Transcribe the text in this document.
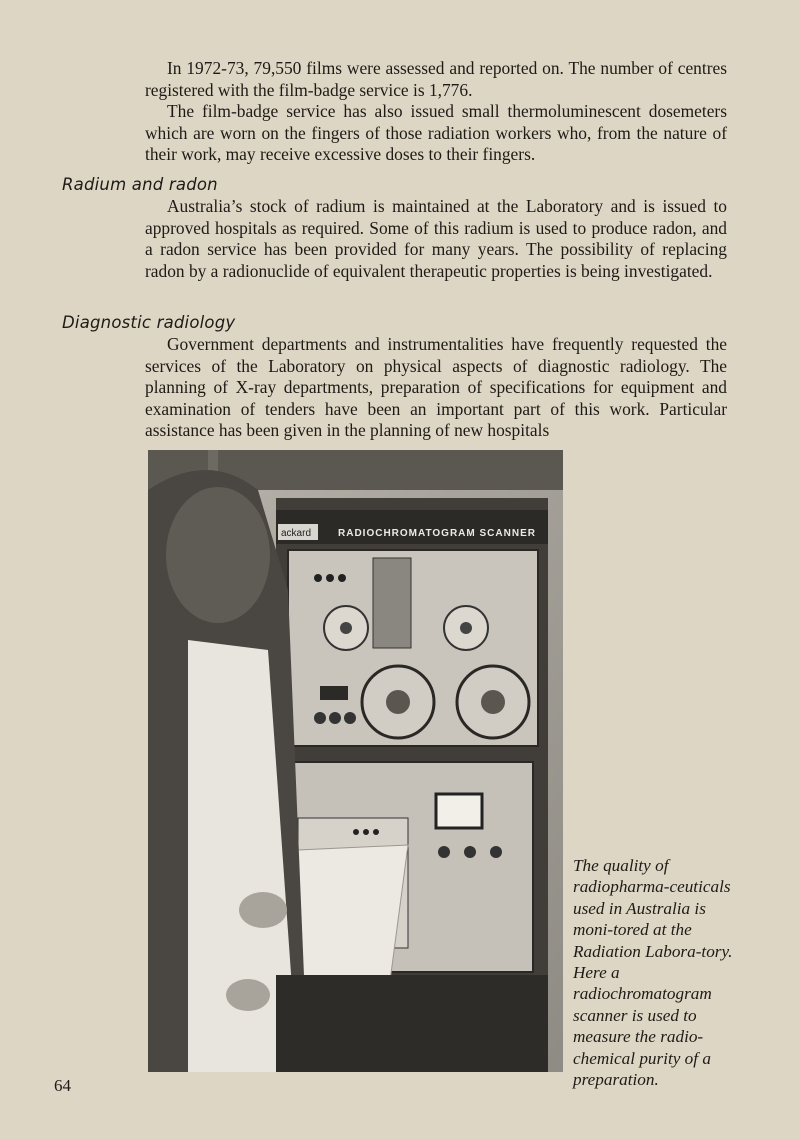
In 1972-73, 79,550 films were assessed and reported on. The number of centres registered with the film-badge service is 1,776.
The film-badge service has also issued small thermoluminescent dosemeters which are worn on the fingers of those radiation workers who, from the nature of their work, may receive excessive doses to their fingers.

Radium and radon

Australia’s stock of radium is maintained at the Laboratory and is issued to approved hospitals as required. Some of this radium is used to produce radon, and a radon service has been provided for many years. The possibility of replacing radon by a radionuclide of equivalent therapeutic properties is being investigated.

Diagnostic radiology

Government departments and instrumentalities have frequently requested the services of the Laboratory on physical aspects of diagnostic radiology. The planning of X-ray departments, preparation of specifications for equipment and examination of tenders have been an important part of this work. Particular assistance has been given in the planning of new hospitals

ackard	RADIOCHROMATOGRAM SCANNER

The quality of radiopharma-ceuticals used in Australia is moni-tored at the Radiation Labora-tory. Here a radiochromatogram scanner is used to measure the radio-chemical purity of a preparation.

64
